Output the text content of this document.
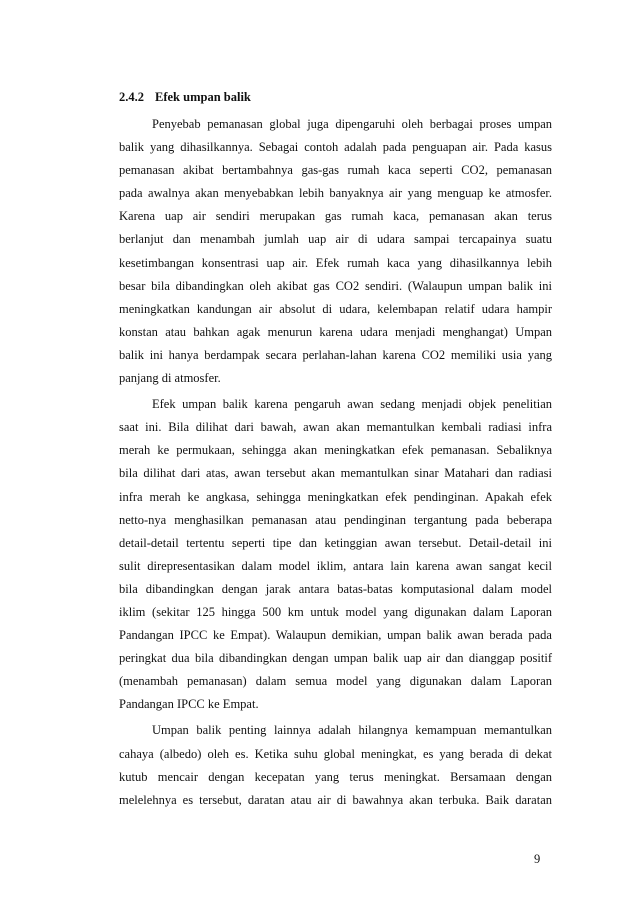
2.4.2 Efek umpan balik
Penyebab pemanasan global juga dipengaruhi oleh berbagai proses umpan
balik yang dihasilkannya. Sebagai contoh adalah pada penguapan air. Pada kasus
pemanasan akibat bertambahnya gas-gas rumah kaca seperti CO2, pemanasan
pada awalnya akan menyebabkan lebih banyaknya air yang menguap ke atmosfer.
Karena uap air sendiri merupakan gas rumah kaca, pemanasan akan terus
berlanjut dan menambah jumlah uap air di udara sampai tercapainya suatu
kesetimbangan konsentrasi uap air. Efek rumah kaca yang dihasilkannya lebih
besar bila dibandingkan oleh akibat gas CO2 sendiri. (Walaupun umpan balik ini
meningkatkan kandungan air absolut di udara, kelembapan relatif udara hampir
konstan atau bahkan agak menurun karena udara menjadi menghangat) Umpan
balik ini hanya berdampak secara perlahan-lahan karena CO2 memiliki usia yang
panjang di atmosfer.
Efek umpan balik karena pengaruh awan sedang menjadi objek penelitian
saat ini. Bila dilihat dari bawah, awan akan memantulkan kembali radiasi infra
merah ke permukaan, sehingga akan meningkatkan efek pemanasan. Sebaliknya
bila dilihat dari atas, awan tersebut akan memantulkan sinar Matahari dan radiasi
infra merah ke angkasa, sehingga meningkatkan efek pendinginan. Apakah efek
netto-nya menghasilkan pemanasan atau pendinginan tergantung pada beberapa
detail-detail tertentu seperti tipe dan ketinggian awan tersebut. Detail-detail ini
sulit direpresentasikan dalam model iklim, antara lain karena awan sangat kecil
bila dibandingkan dengan jarak antara batas-batas komputasional dalam model
iklim (sekitar 125 hingga 500 km untuk model yang digunakan dalam Laporan
Pandangan IPCC ke Empat). Walaupun demikian, umpan balik awan berada pada
peringkat dua bila dibandingkan dengan umpan balik uap air dan dianggap positif
(menambah pemanasan) dalam semua model yang digunakan dalam Laporan
Pandangan IPCC ke Empat.
Umpan balik penting lainnya adalah hilangnya kemampuan memantulkan
cahaya (albedo) oleh es. Ketika suhu global meningkat, es yang berada di dekat
kutub mencair dengan kecepatan yang terus meningkat. Bersamaan dengan
melelehnya es tersebut, daratan atau air di bawahnya akan terbuka. Baik daratan
9
